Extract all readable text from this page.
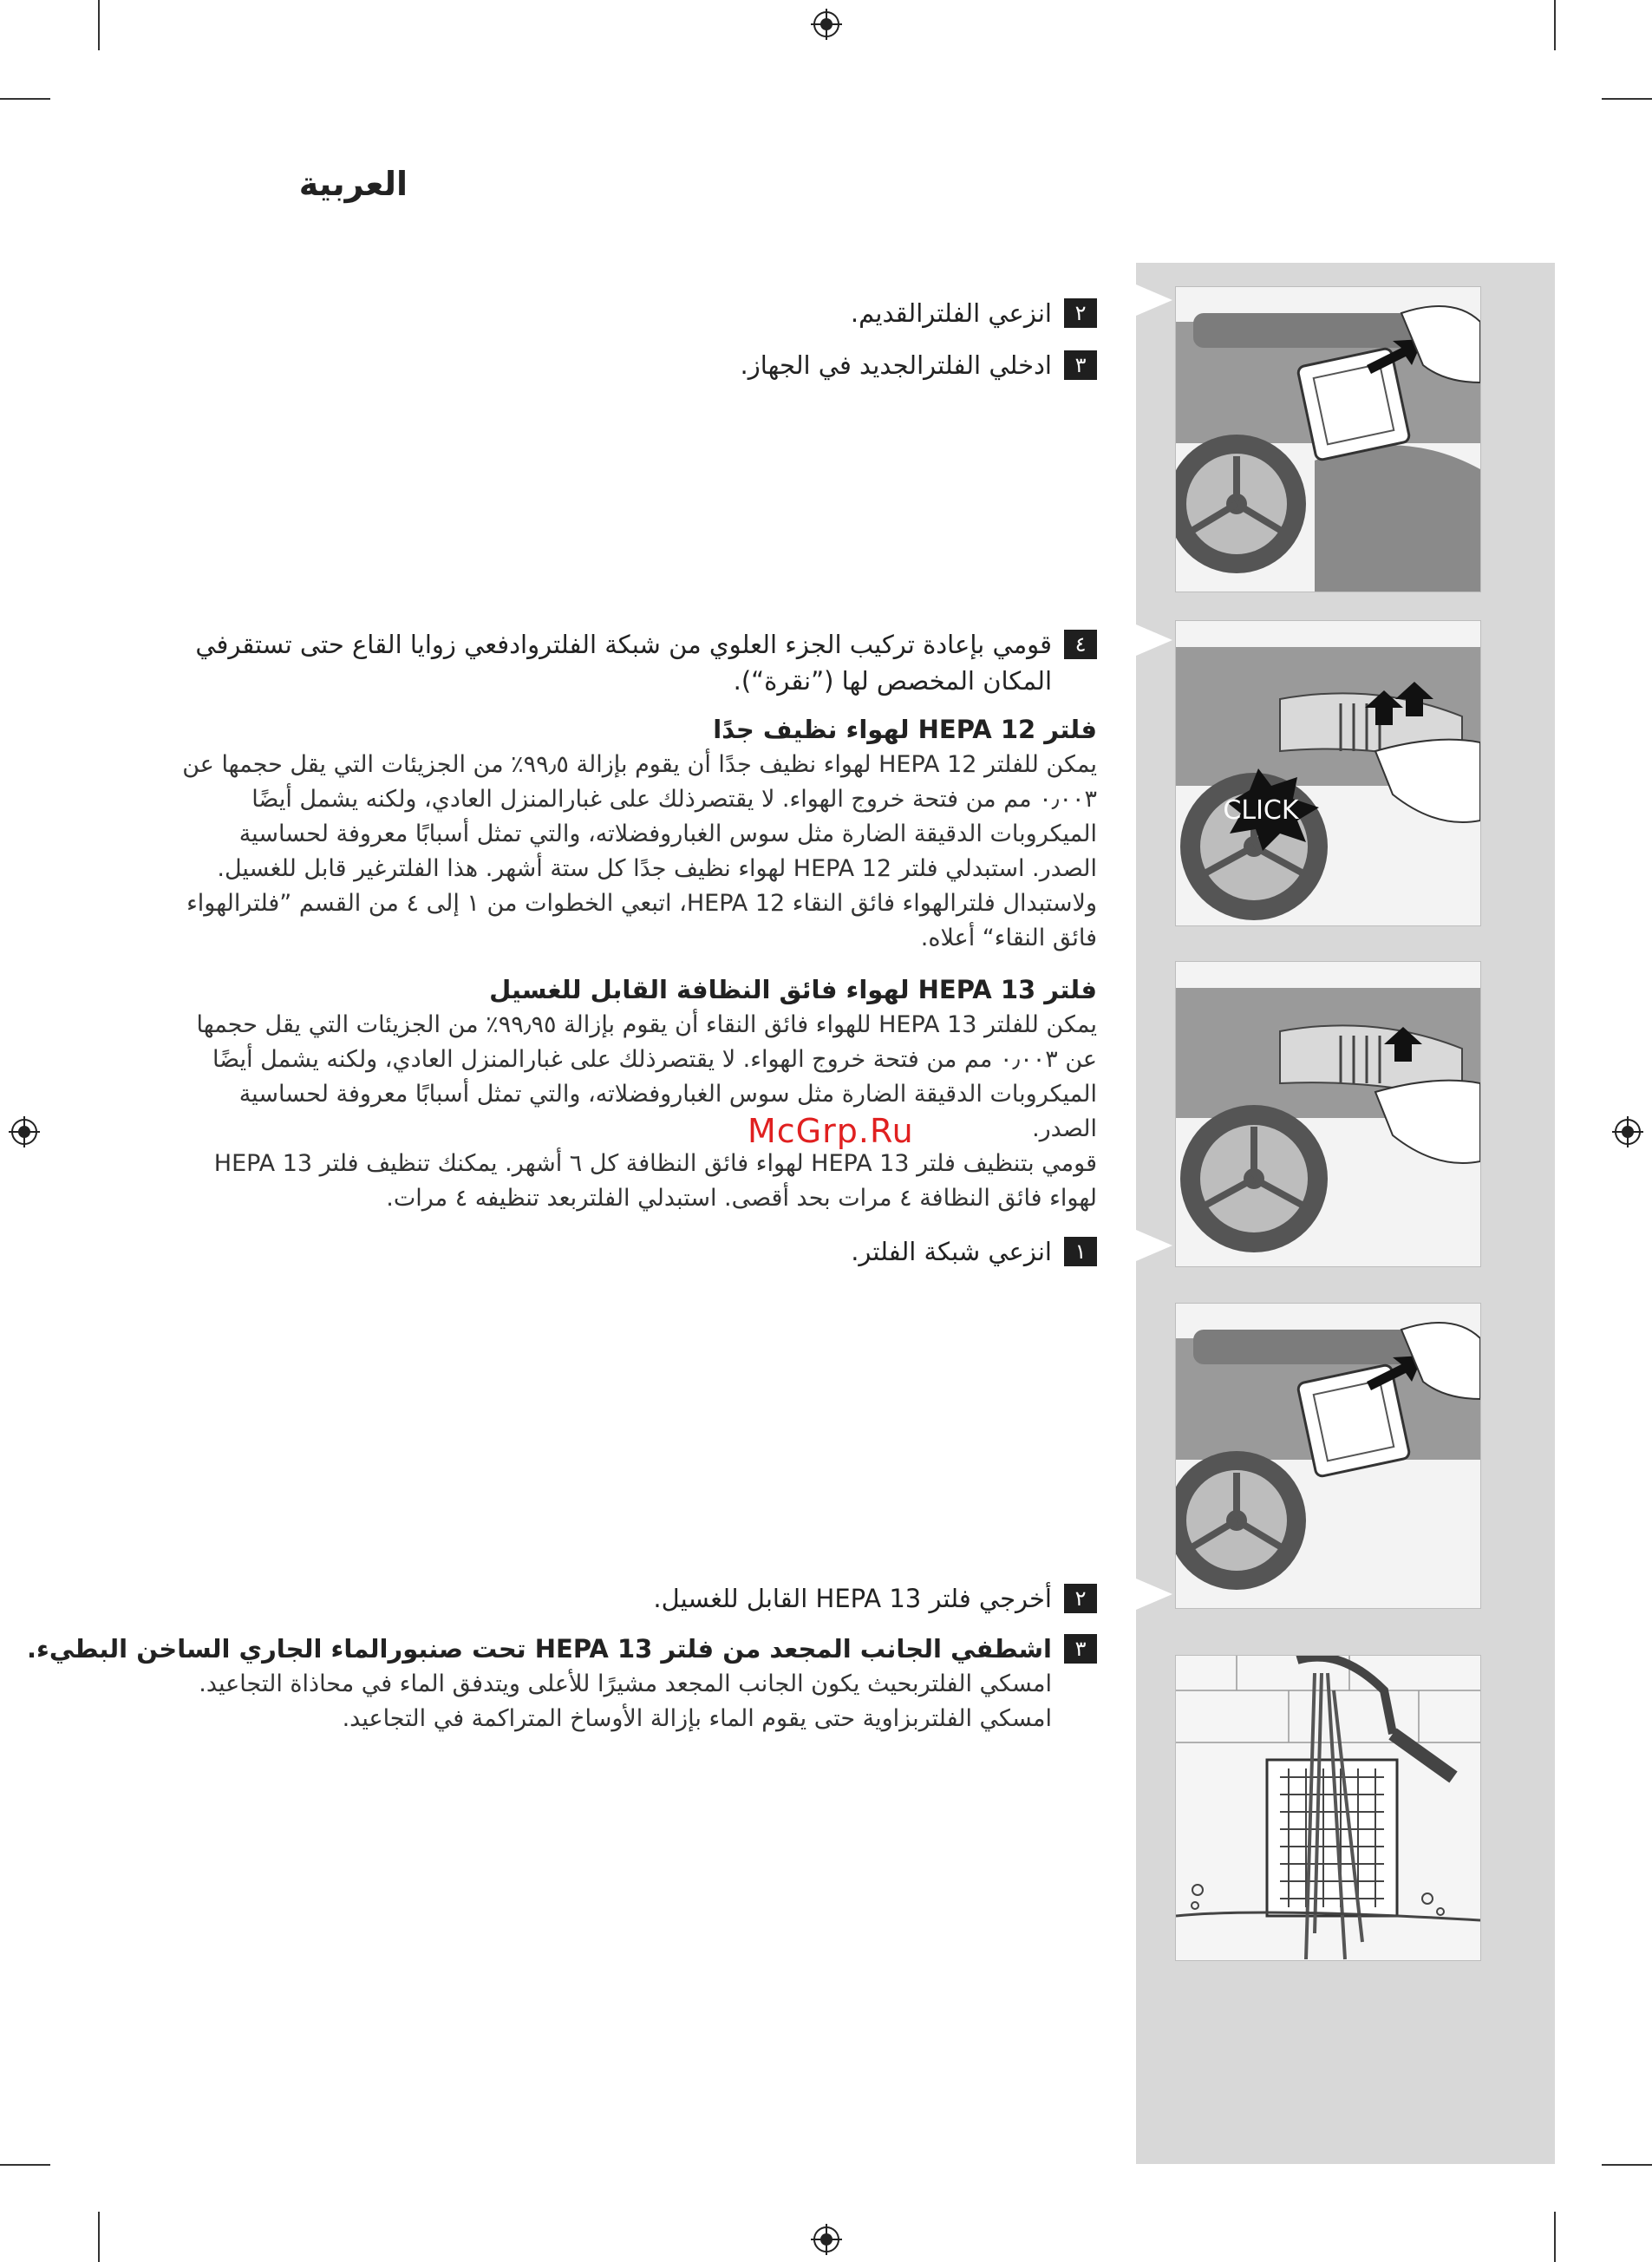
العربية
CLICK
٢
انزعي الفلترالقديم.
٣
ادخلي الفلترالجديد في الجهاز.
٤
قومي بإعادة تركيب الجزء العلوي من شبكة الفلتروادفعي زوايا القاع حتى تستقرفي
المكان المخصص لها (”نقرة“).
فلتر HEPA 12 لهواء نظيف جدًا
يمكن للفلتر HEPA 12 لهواء نظيف جدًا أن يقوم بإزالة ٩٩٫٥٪ من الجزيئات التي يقل حجمها عن
٠٫٠٠٣ مم من فتحة خروج الهواء. لا يقتصرذلك على غبارالمنزل العادي، ولكنه يشمل أيضًا
الميكروبات الدقيقة الضارة مثل سوس الغباروفضلاته، والتي تمثل أسبابًا معروفة لحساسية
الصدر. استبدلي فلتر HEPA 12 لهواء نظيف جدًا كل ستة أشهر. هذا الفلترغير قابل للغسيل.
ولاستبدال فلترالهواء فائق النقاء HEPA 12، اتبعي الخطوات من ١ إلى ٤ من القسم ”فلترالهواء
فائق النقاء“ أعلاه.
فلتر HEPA 13 لهواء فائق النظافة القابل للغسيل
يمكن للفلتر HEPA 13 للهواء فائق النقاء أن يقوم بإزالة ٩٩٫٩٥٪ من الجزيئات التي يقل حجمها
عن ٠٫٠٠٣ مم من فتحة خروج الهواء. لا يقتصرذلك على غبارالمنزل العادي، ولكنه يشمل أيضًا
الميكروبات الدقيقة الضارة مثل سوس الغباروفضلاته، والتي تمثل أسبابًا معروفة لحساسية
الصدر.
قومي بتنظيف فلتر HEPA 13 لهواء فائق النظافة كل ٦ أشهر. يمكنك تنظيف فلتر HEPA 13
لهواء فائق النظافة ٤ مرات بحد أقصى. استبدلي الفلتربعد تنظيفه ٤ مرات.
١
انزعي شبكة الفلتر.
٢
أخرجي فلتر HEPA 13 القابل للغسيل.
٣
اشطفي الجانب المجعد من فلتر HEPA 13 تحت صنبورالماء الجاري الساخن البطيء.
امسكي الفلتربحيث يكون الجانب المجعد مشيرًا للأعلى ويتدفق الماء في محاذاة التجاعيد.
امسكي الفلتربزاوية حتى يقوم الماء بإزالة الأوساخ المتراكمة في التجاعيد.
McGrp.Ru
